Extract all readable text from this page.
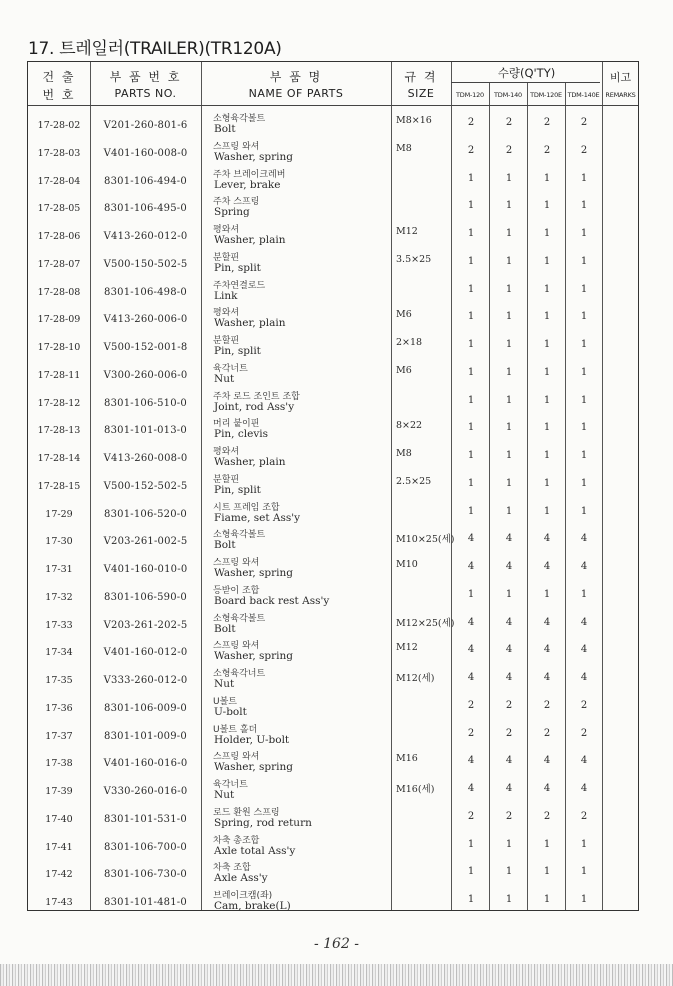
17. 트레일러(TRAILER)(TR120A)
건 출
번 호
부 품 번 호
PARTS NO.
부 품 명
NAME OF PARTS
규 격
SIZE
수량(Q'TY)
TDM-120	TDM-140	TDM-120E TDM-140E
비고
REMARKS
17-28-02	V201-260-801-6
소형육각볼트
Bolt
M8×16	2	2	2	2
17-28-03	V401-160-008-0
스프링 와셔
Washer, spring
M8	2	2	2	2
17-28-04	8301-106-494-0
주차 브레이크레버
Lever, brake
1	1	1	1
17-28-05	8301-106-495-0
주차 스프링
Spring
1	1	1	1
17-28-06	V413-260-012-0
평와셔
Washer, plain
M12	1	1	1	1
17-28-07	V500-150-502-5
분할핀
Pin, split
3.5×25	1	1	1	1
17-28-08	8301-106-498-0
주차연결로드
Link
1	1	1	1
17-28-09	V413-260-006-0
평와셔
Washer, plain
M6	1	1	1	1
17-28-10	V500-152-001-8
분할핀
Pin, split
2×18	1	1	1	1
17-28-11	V300-260-006-0
육각너트
Nut
M6	1	1	1	1
17-28-12	8301-106-510-0
주차 로드 조인트 조합
Joint, rod Ass'y
1	1	1	1
17-28-13	8301-101-013-0
머리 붙이핀
Pin, clevis
8×22	1	1	1	1
17-28-14	V413-260-008-0
평와셔
Washer, plain
M8	1	1	1	1
17-28-15	V500-152-502-5
분할핀
Pin, split
2.5×25	1	1	1	1
17-29	8301-106-520-0
시트 프레임 조합
Fiame, set Ass'y
1	1	1	1
17-30	V203-261-002-5
소형육각볼트
Bolt	M10×25(세)	4	4	4	4
17-31	V401-160-010-0
스프링 와셔
Washer, spring
M10	4	4	4	4
17-32	8301-106-590-0
등받이 조합
Board back rest Ass'y
1	1	1	1
17-33	V203-261-202-5
소형육각볼트
Bolt	M12×25(세)	4	4	4	4
17-34	V401-160-012-0
스프링 와셔
Washer, spring
M12	4	4	4	4
17-35	V333-260-012-0
소형육각너트
Nut	M12(세)	4	4	4	4
17-36	8301-106-009-0
U볼트
U-bolt
2	2	2	2
17-37	8301-101-009-0
U볼트 홀더
Holder, U-bolt
2	2	2	2
17-38	V401-160-016-0
스프링 와셔
Washer, spring
M16	4	4	4	4
17-39	V330-260-016-0
육각너트
Nut	M16(세)	4	4	4	4
17-40	8301-101-531-0
로드 환원 스프링
Spring, rod return
2	2	2	2
17-41	8301-106-700-0
차축 총조합
Axle total Ass'y
1	1	1	1
17-42	8301-106-730-0
차축 조합
Axle Ass'y
1	1	1	1
17-43	8301-101-481-0
브레이크캠(좌)
Cam, brake(L)
1	1	1	1
- 162 -
